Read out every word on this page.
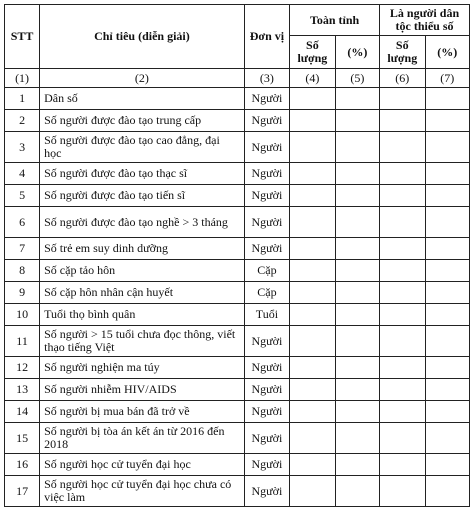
STT	Chỉ tiêu (diễn giải)	Đơn vị	Toàn tỉnh		Là người dân tộc thiểu số	
			Số lượng	(%)	Số lượng	(%)
(1)	(2)	(3)	(4)	(5)	(6)	(7)
1	Dân số	Người				
2	Số người được đào tạo trung cấp	Người				
3	Số người được đào tạo cao đẳng, đại học	Người				
4	Số người được đào tạo thạc sĩ	Người				
5	Số người được đào tạo tiến sĩ	Người				
6	Số người được đào tạo nghề > 3 tháng	Người				
7	Số trẻ em suy dinh dưỡng	Người				
8	Số cặp tảo hôn	Cặp				
9	Số cặp hôn nhân cận huyết	Cặp				
10	Tuổi thọ bình quân	Tuổi				
11	Số người > 15 tuổi chưa đọc thông, viết thạo tiếng Việt	Người				
12	Số người nghiện ma túy	Người				
13	Số người nhiễm HIV/AIDS	Người				
14	Số người bị mua bán đã trở về	Người				
15	Số người bị tòa án kết án từ 2016 đến 2018	Người				
16	Số người học cử tuyển đại học	Người				
17	Số người học cử tuyển đại học chưa có việc làm	Người				
